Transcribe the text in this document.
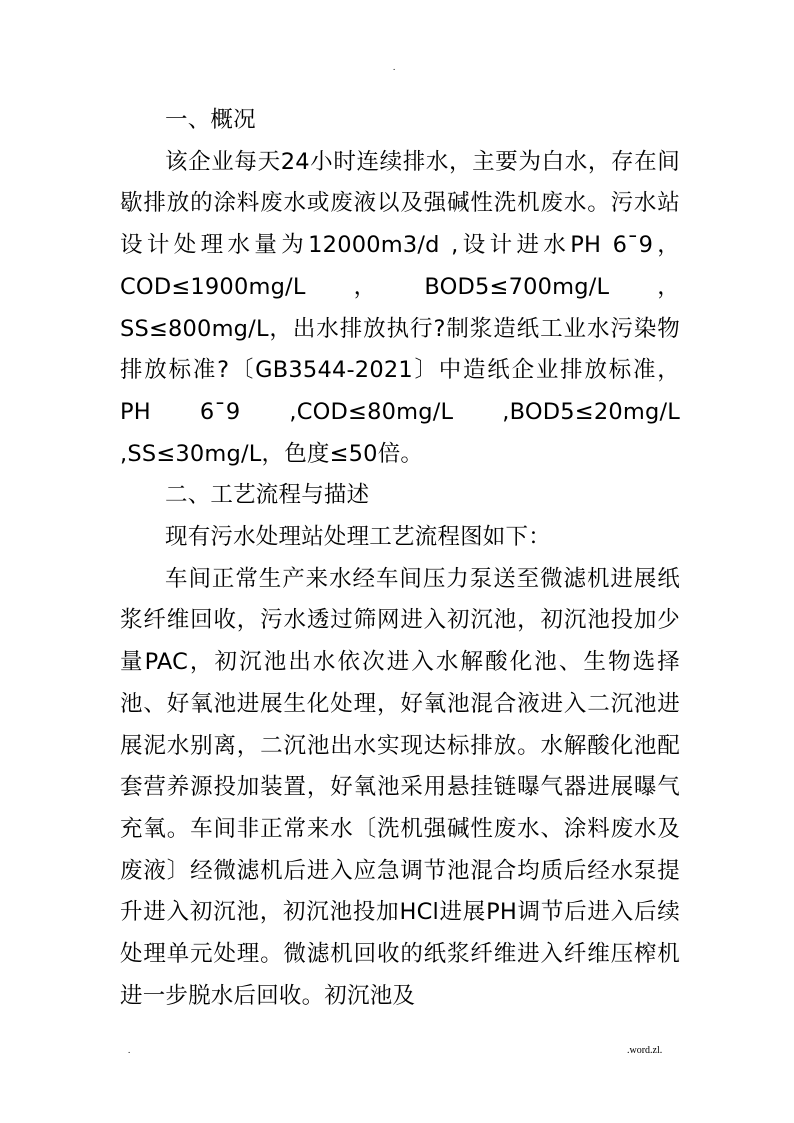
.

一、概况

该企业每天24小时连续排水，主要为白水，存在间歇排放的涂料废水或废液以及强碱性洗机废水。污水站设计处理水量为12000m3/d ,设计进水PH 6¯9，COD≤1900mg/L，BOD5≤700mg/L，SS≤800mg/L，出水排放执行?制浆造纸工业水污染物排放标准?〔GB3544-2021〕中造纸企业排放标准，PH 6¯9 ,COD≤80mg/L ,BOD5≤20mg/L ,SS≤30mg/L，色度≤50倍。

二、工艺流程与描述

现有污水处理站处理工艺流程图如下：

车间正常生产来水经车间压力泵送至微滤机进展纸浆纤维回收，污水透过筛网进入初沉池，初沉池投加少量PAC，初沉池出水依次进入水解酸化池、生物选择池、好氧池进展生化处理，好氧池混合液进入二沉池进展泥水别离，二沉池出水实现达标排放。水解酸化池配套营养源投加装置，好氧池采用悬挂链曝气器进展曝气充氧。车间非正常来水〔洗机强碱性废水、涂料废水及废液〕经微滤机后进入应急调节池混合均质后经水泵提升进入初沉池，初沉池投加HCl进展PH调节后进入后续处理单元处理。微滤机回收的纸浆纤维进入纤维压榨机进一步脱水后回收。初沉池及

.	.word.zl.
